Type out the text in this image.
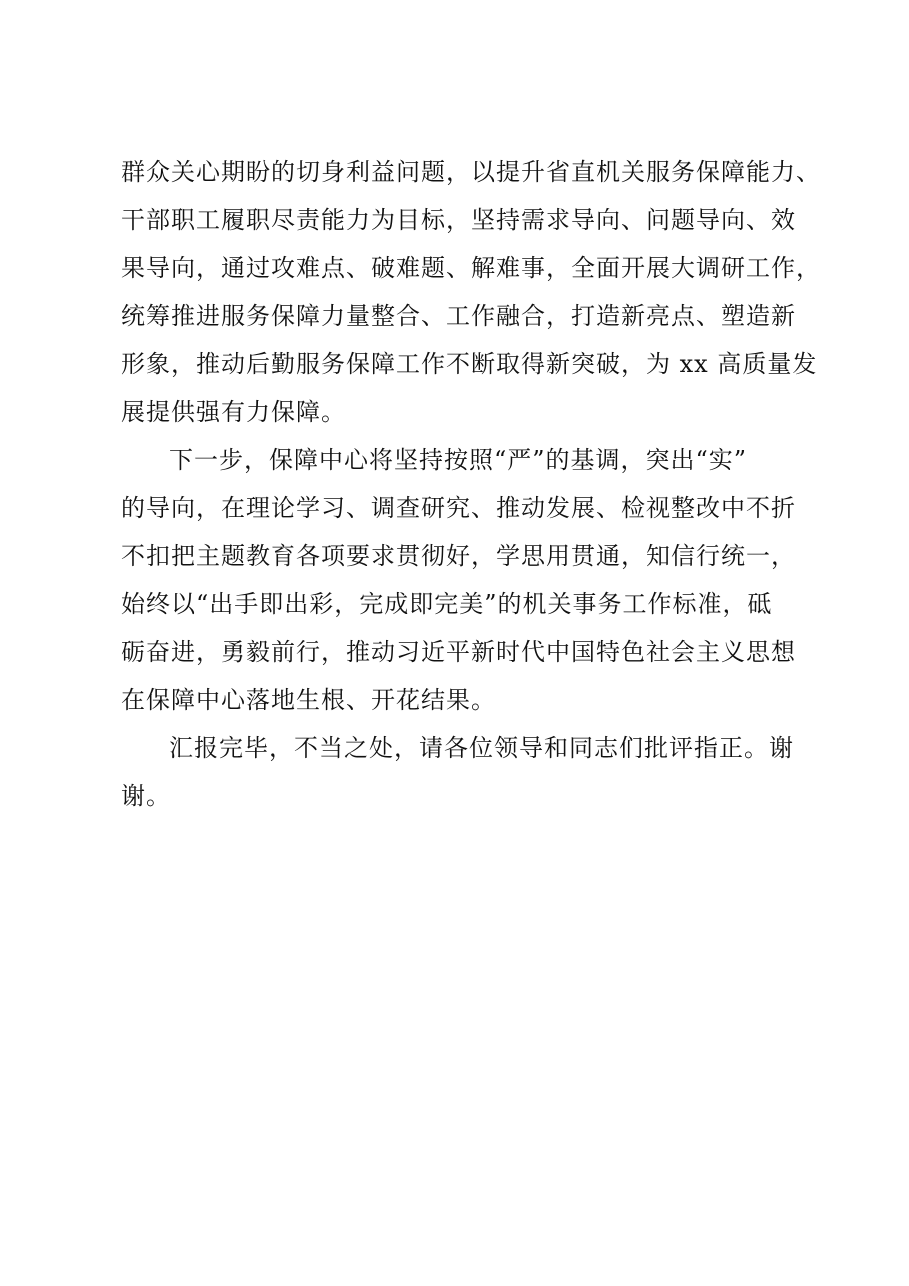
群众关心期盼的切身利益问题，以提升省直机关服务保障能力、
干部职工履职尽责能力为目标，坚持需求导向、问题导向、效
果导向，通过攻难点、破难题、解难事，全面开展大调研工作，
统筹推进服务保障力量整合、工作融合，打造新亮点、塑造新
形象，推动后勤服务保障工作不断取得新突破，为 xx 高质量发
展提供强有力保障。

下一步，保障中心将坚持按照“严”的基调，突出“实”
的导向，在理论学习、调查研究、推动发展、检视整改中不折
不扣把主题教育各项要求贯彻好，学思用贯通，知信行统一，
始终以“出手即出彩，完成即完美”的机关事务工作标准，砥
砺奋进，勇毅前行，推动习近平新时代中国特色社会主义思想
在保障中心落地生根、开花结果。

汇报完毕，不当之处，请各位领导和同志们批评指正。谢
谢。
